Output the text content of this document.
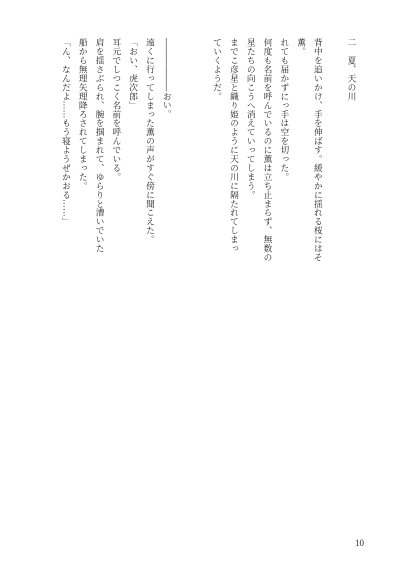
二　夏、天の川

背中を追いかけ、手を伸ばす。緩やかに揺れる桜にはそ
薫。
れても届かずにっ手は空を切った。
何度も名前を呼んでいるのに薫は立ち止まらず、無数の
星たちの向こうへ消えていってしまう。
までこ彦星と織り姫のように天の川に隔たれてしまっ
ていくようだ。

――――――おい。
遠くに行ってしまった薫の声がすぐ傍に聞こえた。
「おい、虎次郎」
耳元でしつこく名前を呼んでいる。
肩を揺さぶられ、腕を掴まれて、ゆらりと漕いでいた
船から無理矢理降ろされてしまった。
「ん、なんだよ……もう寝ようぜかおる……」

10
